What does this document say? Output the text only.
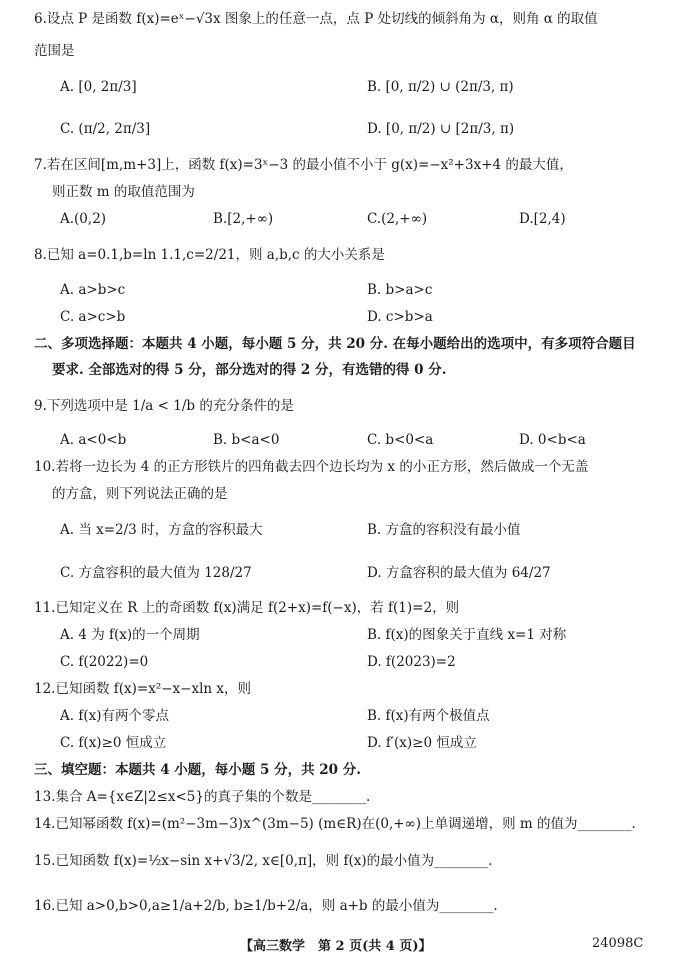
6.设点 P 是函数 f(x)=eˣ−√3x 图象上的任意一点，点 P 处切线的倾斜角为 α，则角 α 的取值
范围是
A. [0, 2π/3]	B. [0, π/2) ∪ (2π/3, π)
C. (π/2, 2π/3]	D. [0, π/2) ∪ [2π/3, π)
7.若在区间[m,m+3]上，函数 f(x)=3ˣ−3 的最小值不小于 g(x)=−x²+3x+4 的最大值，
则正数 m 的取值范围为
A.(0,2)	B.[2,+∞)	C.(2,+∞)	D.[2,4)
8.已知 a=0.1,b=ln 1.1,c=2/21，则 a,b,c 的大小关系是
A. a>b>c	B. b>a>c
C. a>c>b	D. c>b>a
二、多项选择题：本题共 4 小题，每小题 5 分，共 20 分. 在每小题给出的选项中，有多项符合题目
要求. 全部选对的得 5 分，部分选对的得 2 分，有选错的得 0 分.
9.下列选项中是 1/a < 1/b 的充分条件的是
A. a<0<b	B. b<a<0	C. b<0<a	D. 0<b<a
10.若将一边长为 4 的正方形铁片的四角截去四个边长均为 x 的小正方形，然后做成一个无盖
的方盒，则下列说法正确的是
A. 当 x=2/3 时，方盒的容积最大	B. 方盒的容积没有最小值
C. 方盒容积的最大值为 128/27	D. 方盒容积的最大值为 64/27
11.已知定义在 R 上的奇函数 f(x)满足 f(2+x)=f(−x)，若 f(1)=2，则
A. 4 为 f(x)的一个周期	B. f(x)的图象关于直线 x=1 对称
C. f(2022)=0	D. f(2023)=2
12.已知函数 f(x)=x²−x−xln x，则
A. f(x)有两个零点	B. f(x)有两个极值点
C. f(x)≥0 恒成立	D. f′(x)≥0 恒成立
三、填空题：本题共 4 小题，每小题 5 分，共 20 分.
13.集合 A={x∈Z|2≤x<5}的真子集的个数是________.
14.已知幂函数 f(x)=(m²−3m−3)x^(3m−5) (m∈R)在(0,+∞)上单调递增，则 m 的值为________.
15.已知函数 f(x)=½x−sin x+√3/2, x∈[0,π]，则 f(x)的最小值为________.
16.已知 a>0,b>0,a≥1/a+2/b, b≥1/b+2/a，则 a+b 的最小值为________.
【高三数学　第 2 页(共 4 页)】	24098C
